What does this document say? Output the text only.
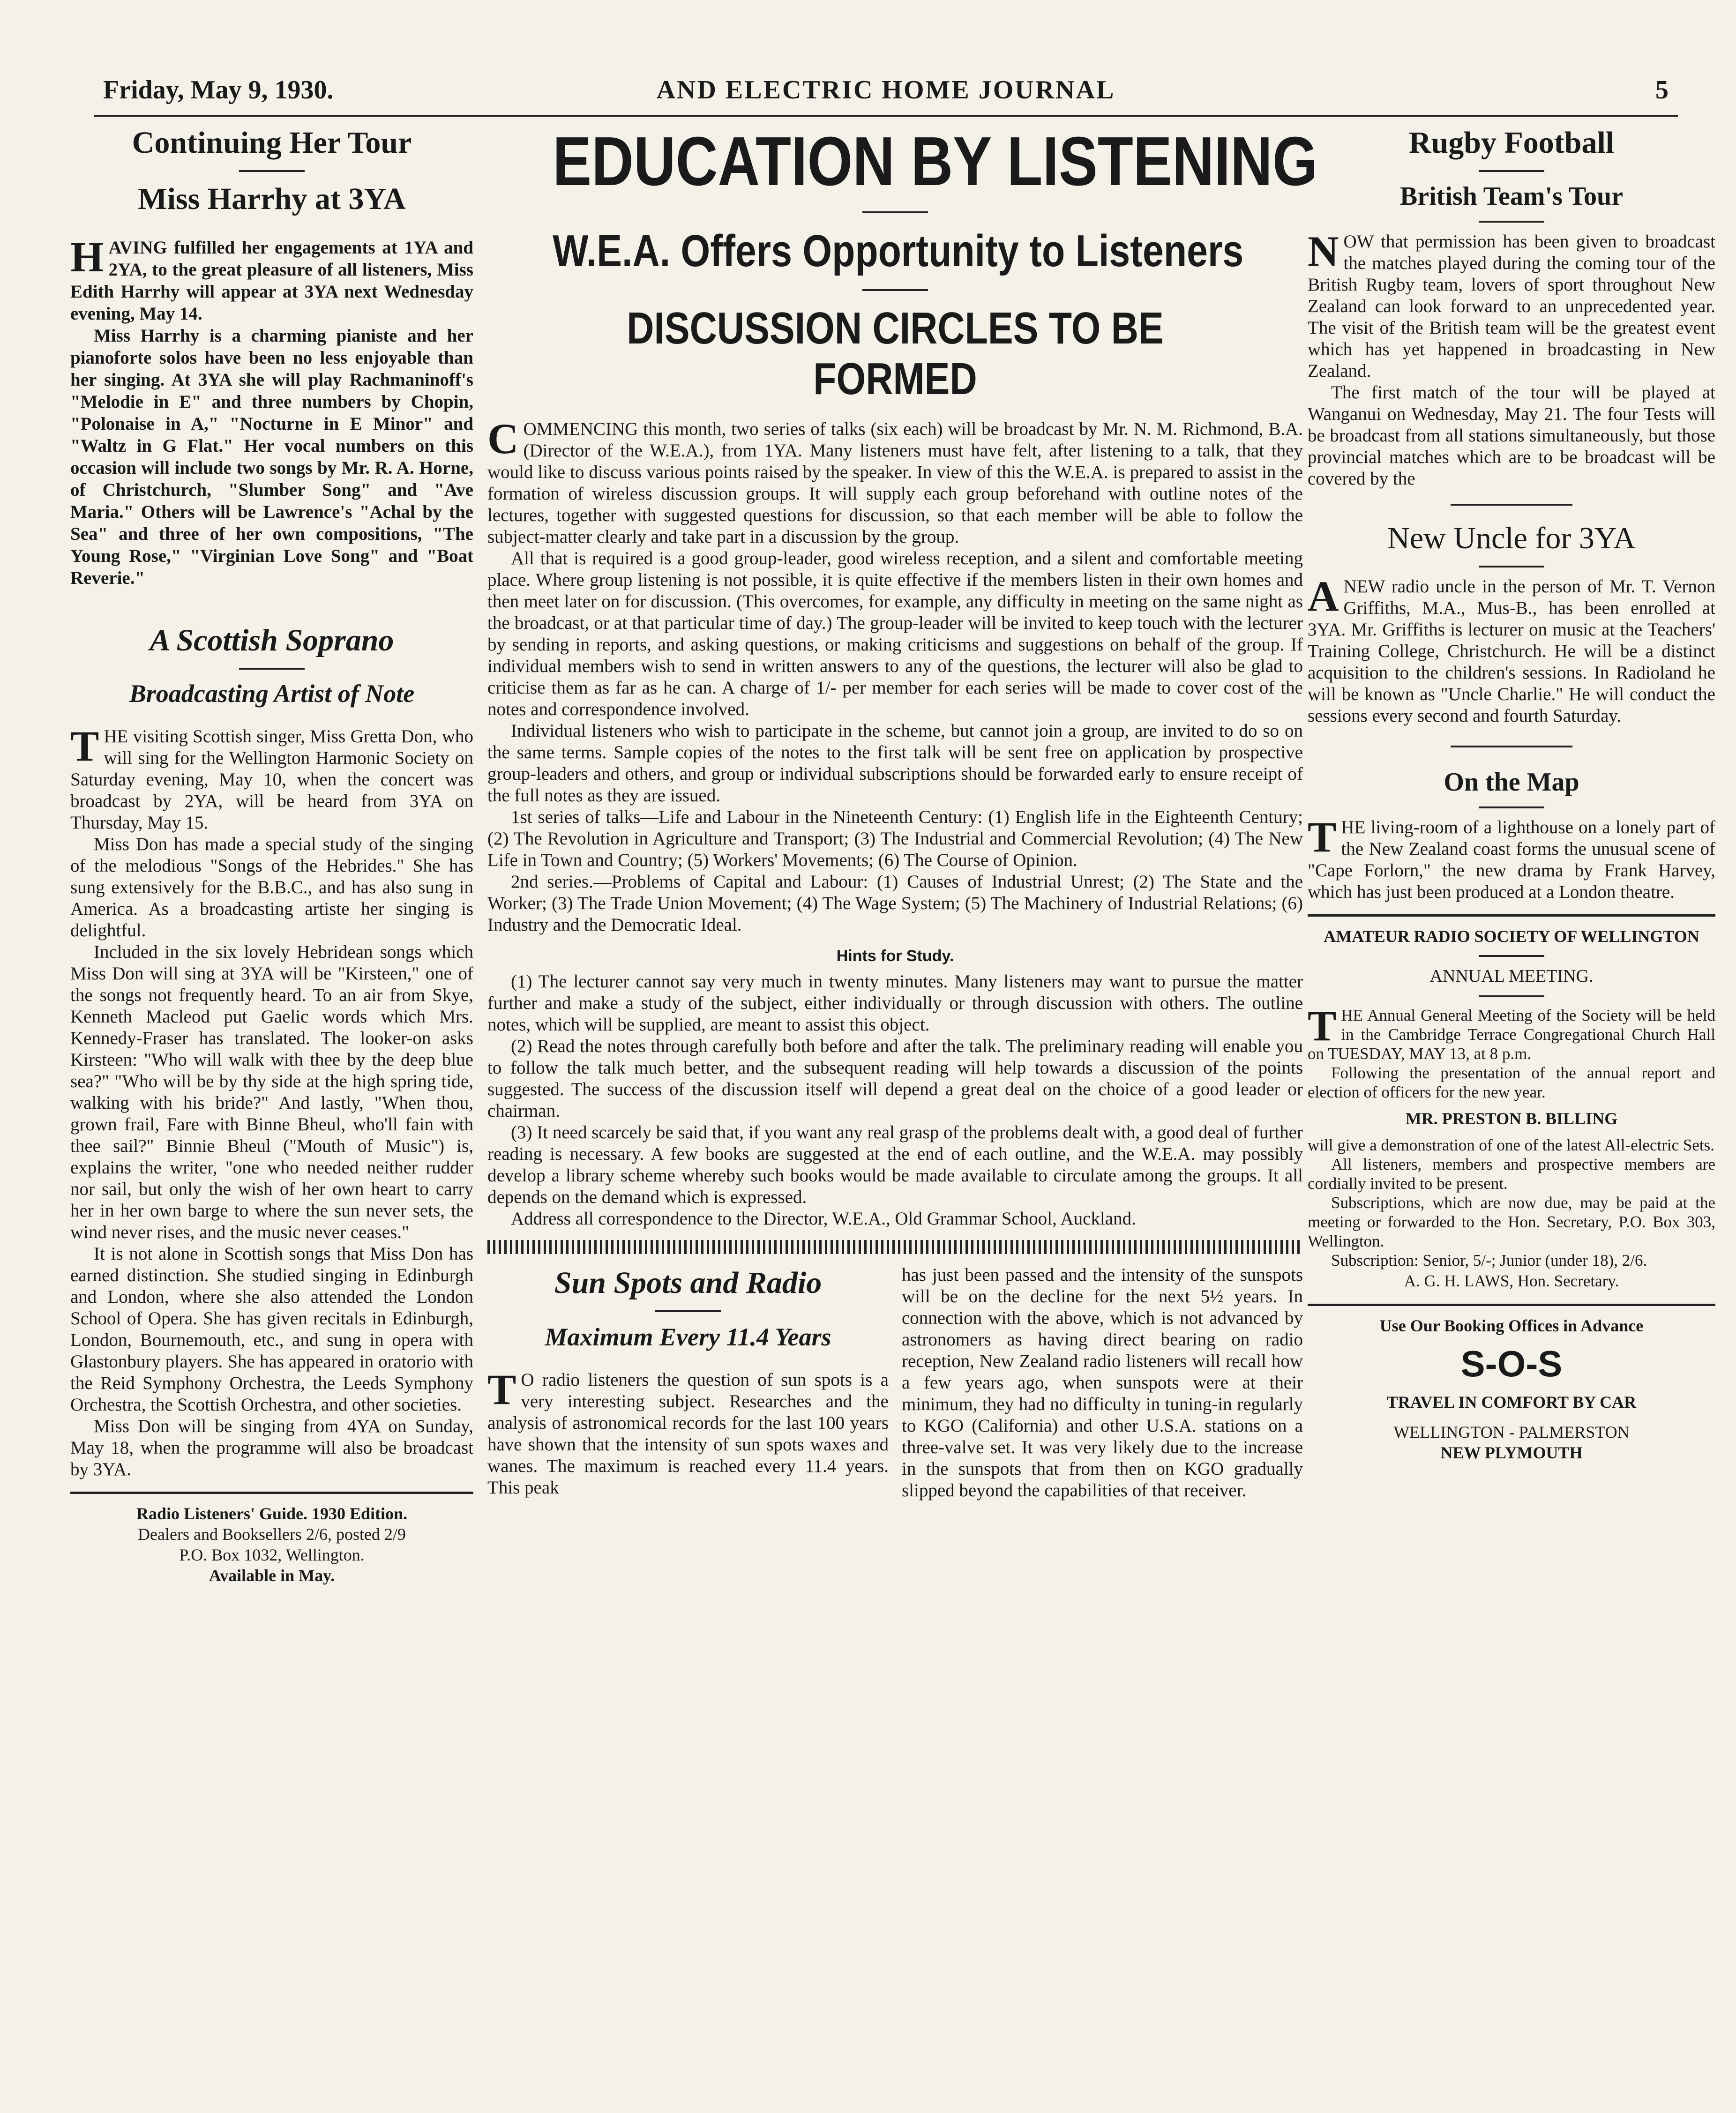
Friday, May 9, 1930.	AND ELECTRIC HOME JOURNAL	5

Continuing Her Tour

Miss Harrhy at 3YA

HAVING fulfilled her engagements at 1YA and 2YA, to the great pleasure of all listeners, Miss Edith Harrhy will appear at 3YA next Wednesday evening, May 14.

Miss Harrhy is a charming pianiste and her pianoforte solos have been no less enjoyable than her singing. At 3YA she will play Rachmaninoff's "Melodie in E" and three numbers by Chopin, "Polonaise in A," "Nocturne in E Minor" and "Waltz in G Flat." Her vocal numbers on this occasion will include two songs by Mr. R. A. Horne, of Christchurch, "Slumber Song" and "Ave Maria." Others will be Lawrence's "Achal by the Sea" and three of her own compositions, "The Young Rose," "Virginian Love Song" and "Boat Reverie."

A Scottish Soprano

Broadcasting Artist of Note

THE visiting Scottish singer, Miss Gretta Don, who will sing for the Wellington Harmonic Society on Saturday evening, May 10, when the concert was broadcast by 2YA, will be heard from 3YA on Thursday, May 15.

Miss Don has made a special study of the singing of the melodious "Songs of the Hebrides." She has sung extensively for the B.B.C., and has also sung in America. As a broadcasting artiste her singing is delightful.

Included in the six lovely Hebridean songs which Miss Don will sing at 3YA will be "Kirsteen," one of the songs not frequently heard. To an air from Skye, Kenneth Macleod put Gaelic words which Mrs. Kennedy-Fraser has translated. The looker-on asks Kirsteen: "Who will walk with thee by the deep blue sea?" "Who will be by thy side at the high spring tide, walking with his bride?" And lastly, "When thou, grown frail, Fare with Binne Bheul, who'll fain with thee sail?" Binnie Bheul ("Mouth of Music") is, explains the writer, "one who needed neither rudder nor sail, but only the wish of her own heart to carry her in her own barge to where the sun never sets, the wind never rises, and the music never ceases."

It is not alone in Scottish songs that Miss Don has earned distinction. She studied singing in Edinburgh and London, where she also attended the London School of Opera. She has given recitals in Edinburgh, London, Bournemouth, etc., and sung in opera with Glastonbury players. She has appeared in oratorio with the Reid Symphony Orchestra, the Leeds Symphony Orchestra, the Scottish Orchestra, and other societies.

Miss Don will be singing from 4YA on Sunday, May 18, when the programme will also be broadcast by 3YA.

Radio Listeners' Guide. 1930 Edition.

Dealers and Booksellers 2/6, posted 2/9

P.O. Box 1032, Wellington.

Available in May.

EDUCATION BY LISTENING

W.E.A. Offers Opportunity to Listeners

DISCUSSION CIRCLES TO BE FORMED

COMMENCING this month, two series of talks (six each) will be broadcast by Mr. N. M. Richmond, B.A. (Director of the W.E.A.), from 1YA. Many listeners must have felt, after listening to a talk, that they would like to discuss various points raised by the speaker. In view of this the W.E.A. is prepared to assist in the formation of wireless discussion groups. It will supply each group beforehand with outline notes of the lectures, together with suggested questions for discussion, so that each member will be able to follow the subject-matter clearly and take part in a discussion by the group.

All that is required is a good group-leader, good wireless reception, and a silent and comfortable meeting place. Where group listening is not possible, it is quite effective if the members listen in their own homes and then meet later on for discussion. (This overcomes, for example, any difficulty in meeting on the same night as the broadcast, or at that particular time of day.) The group-leader will be invited to keep touch with the lecturer by sending in reports, and asking questions, or making criticisms and suggestions on behalf of the group. If individual members wish to send in written answers to any of the questions, the lecturer will also be glad to criticise them as far as he can. A charge of 1/- per member for each series will be made to cover cost of the notes and correspondence involved.

Individual listeners who wish to participate in the scheme, but cannot join a group, are invited to do so on the same terms. Sample copies of the notes to the first talk will be sent free on application by prospective group-leaders and others, and group or individual subscriptions should be forwarded early to ensure receipt of the full notes as they are issued.

1st series of talks—Life and Labour in the Nineteenth Century: (1) English life in the Eighteenth Century; (2) The Revolution in Agriculture and Transport; (3) The Industrial and Commercial Revolution; (4) The New Life in Town and Country; (5) Workers' Movements; (6) The Course of Opinion.

2nd series.—Problems of Capital and Labour: (1) Causes of Industrial Unrest; (2) The State and the Worker; (3) The Trade Union Movement; (4) The Wage System; (5) The Machinery of Industrial Relations; (6) Industry and the Democratic Ideal.

Hints for Study.

(1) The lecturer cannot say very much in twenty minutes. Many listeners may want to pursue the matter further and make a study of the subject, either individually or through discussion with others. The outline notes, which will be supplied, are meant to assist this object.

(2) Read the notes through carefully both before and after the talk. The preliminary reading will enable you to follow the talk much better, and the subsequent reading will help towards a discussion of the points suggested. The success of the discussion itself will depend a great deal on the choice of a good leader or chairman.

(3) It need scarcely be said that, if you want any real grasp of the problems dealt with, a good deal of further reading is necessary. A few books are suggested at the end of each outline, and the W.E.A. may possibly develop a library scheme whereby such books would be made available to circulate among the groups. It all depends on the demand which is expressed.

Address all correspondence to the Director, W.E.A., Old Grammar School, Auckland.

Sun Spots and Radio

Maximum Every 11.4 Years

T O radio listeners the question of sun spots is a very interesting subject. Researches and the analysis of astronomical records for the last 100 years have shown that the intensity of sun spots waxes and wanes. The maximum is reached every 11.4 years. This peak

has just been passed and the intensity of the sunspots will be on the decline for the next 5½ years. In connection with the above, which is not advanced by astronomers as having direct bearing on radio reception, New Zealand radio listeners will recall how a few years ago, when sunspots were at their minimum, they had no difficulty in tuning-in regularly to KGO (California) and other U.S.A. stations on a three-valve set. It was very likely due to the increase in the sunspots that from then on KGO gradually slipped beyond the capabilities of that receiver.

Rugby Football

British Team's Tour

NOW that permission has been given to broadcast the matches played during the coming tour of the British Rugby team, lovers of sport throughout New Zealand can look forward to an unprecedented year. The visit of the British team will be the greatest event which has yet happened in broadcasting in New Zealand.

The first match of the tour will be played at Wanganui on Wednesday, May 21. The four Tests will be broadcast from all stations simultaneously, but those provincial matches which are to be broadcast will be covered by the

New Uncle for 3YA

ANEW radio uncle in the person of Mr. T. Vernon Griffiths, M.A., Mus-B., has been enrolled at 3YA. Mr. Griffiths is lecturer on music at the Teachers' Training College, Christchurch. He will be a distinct acquisition to the children's sessions. In Radioland he will be known as "Uncle Charlie." He will conduct the sessions every second and fourth Saturday.

On the Map

THE living-room of a lighthouse on a lonely part of the New Zealand coast forms the unusual scene of "Cape Forlorn," the new drama by Frank Harvey, which has just been produced at a London theatre.

AMATEUR RADIO SOCIETY OF WELLINGTON

ANNUAL MEETING.

THE Annual General Meeting of the Society will be held in the Cambridge Terrace Congregational Church Hall on TUESDAY, MAY 13, at 8 p.m.

Following the presentation of the annual report and election of officers for the new year.

MR. PRESTON B. BILLING

will give a demonstration of one of the latest All-electric Sets.

All listeners, members and prospective members are cordially invited to be present.

Subscriptions, which are now due, may be paid at the meeting or forwarded to the Hon. Secretary, P.O. Box 303, Wellington.

Subscription: Senior, 5/-; Junior (under 18), 2/6.

A. G. H. LAWS, Hon. Secretary.

Use Our Booking Offices in Advance

S-O-S

TRAVEL IN COMFORT BY CAR

WELLINGTON - PALMERSTON

NEW PLYMOUTH
